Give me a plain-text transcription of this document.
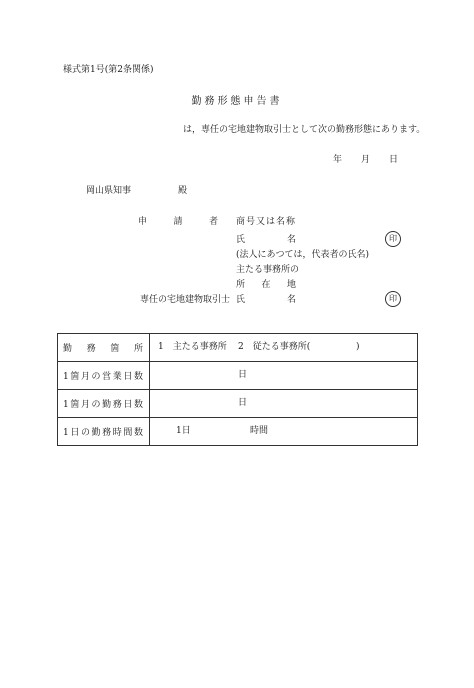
様式第1号(第2条関係)
勤務形態申告書
は，専任の宅地建物取引士として次の勤務形態にあります。
年 月 日
岡山県知事	殿
申請者 商号又は名称
氏名	印
(法人にあつては，代表者の氏名)
主たる事務所の
所在地
専任の宅地建物取引士 氏名	印
勤務箇所	1　主たる事務所 2　従たる事務所( )

1箇月の営業日数	日

1箇月の勤務日数	日

1日の勤務時間数	1日 時間
